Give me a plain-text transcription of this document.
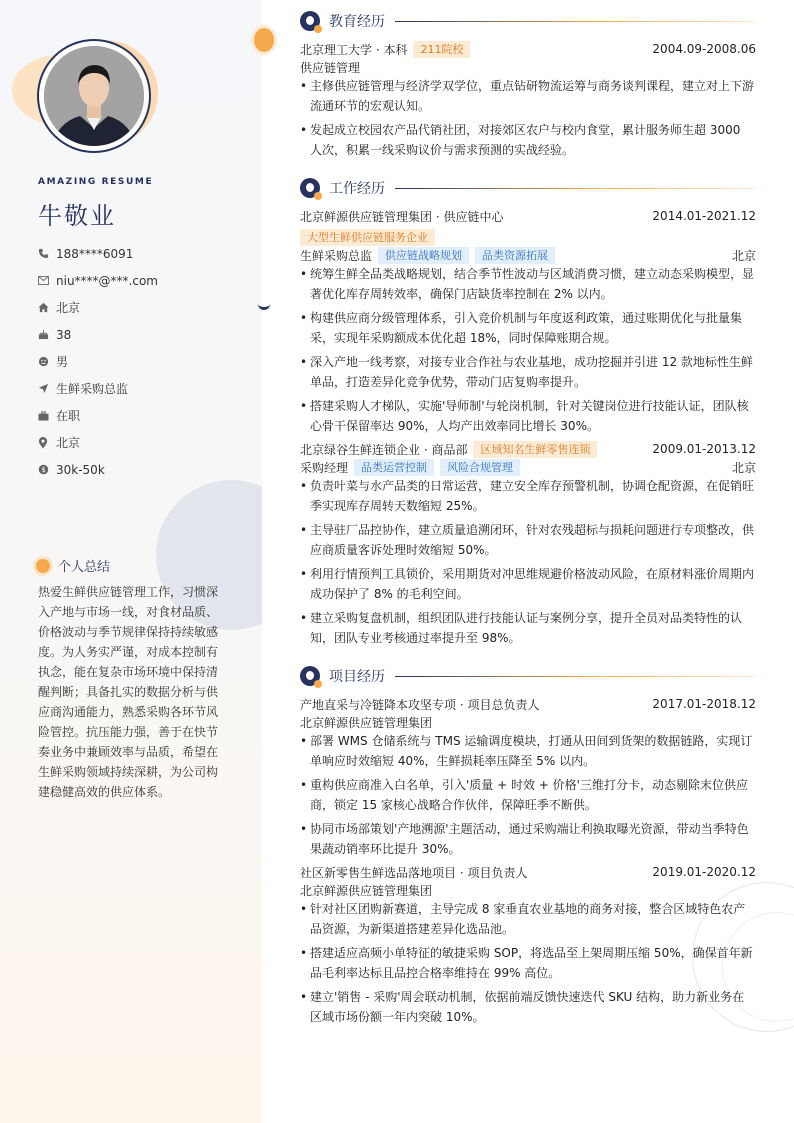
AMAZING RESUME
牛敬业
188****6091
niu****@***.com
北京
38
男
生鲜采购总监
在职
北京
$ 30k-50k
个人总结
热爱生鲜供应链管理工作，习惯深入产地与市场一线，对食材品质、价格波动与季节规律保持持续敏感度。为人务实严谨，对成本控制有执念，能在复杂市场环境中保持清醒判断；具备扎实的数据分析与供应商沟通能力，熟悉采购各环节风险管控。抗压能力强，善于在快节奏业务中兼顾效率与品质，希望在生鲜采购领域持续深耕，为公司构建稳健高效的供应体系。
教育经历
北京理工大学 · 本科	211院校	2004.09-2008.06
供应链管理
• 主修供应链管理与经济学双学位，重点钻研物流运筹与商务谈判课程，建立对上下游流通环节的宏观认知。
• 发起成立校园农产品代销社团，对接郊区农户与校内食堂，累计服务师生超 3000 人次，积累一线采购议价与需求预测的实战经验。
工作经历
北京鲜源供应链管理集团 · 供应链中心	2014.01-2021.12
大型生鲜供应链服务企业
生鲜采购总监	供应链战略规划	品类资源拓展	北京
• 统筹生鲜全品类战略规划，结合季节性波动与区域消费习惯，建立动态采购模型，显著优化库存周转效率，确保门店缺货率控制在 2% 以内。
• 构建供应商分级管理体系，引入竞价机制与年度返利政策，通过账期优化与批量集采，实现年采购额成本优化超 18%，同时保障账期合规。
• 深入产地一线考察，对接专业合作社与农业基地，成功挖掘并引进 12 款地标性生鲜单品，打造差异化竞争优势，带动门店复购率提升。
• 搭建采购人才梯队，实施'导师制'与轮岗机制，针对关键岗位进行技能认证，团队核心骨干保留率达 90%，人均产出效率同比增长 30%。
北京绿谷生鲜连锁企业 · 商品部	区域知名生鲜零售连锁	2009.01-2013.12
采购经理	品类运营控制	风险合规管理	北京
• 负责叶菜与水产品类的日常运营，建立安全库存预警机制，协调仓配资源，在促销旺季实现库存周转天数缩短 25%。
• 主导驻厂品控协作，建立质量追溯闭环，针对农残超标与损耗问题进行专项整改，供应商质量客诉处理时效缩短 50%。
• 利用行情预判工具锁价，采用期货对冲思维规避价格波动风险，在原材料涨价周期内成功保护了 8% 的毛利空间。
• 建立采购复盘机制，组织团队进行技能认证与案例分享，提升全员对品类特性的认知，团队专业考核通过率提升至 98%。
项目经历
产地直采与冷链降本攻坚专项 · 项目总负责人	2017.01-2018.12
北京鲜源供应链管理集团
• 部署 WMS 仓储系统与 TMS 运输调度模块，打通从田间到货架的数据链路，实现订单响应时效缩短 40%，生鲜损耗率压降至 5% 以内。
• 重构供应商准入白名单，引入'质量 + 时效 + 价格'三维打分卡，动态剔除末位供应商，锁定 15 家核心战略合作伙伴，保障旺季不断供。
• 协同市场部策划'产地溯源'主题活动，通过采购端让利换取曝光资源，带动当季特色果蔬动销率环比提升 30%。
社区新零售生鲜选品落地项目 · 项目负责人	2019.01-2020.12
北京鲜源供应链管理集团
• 针对社区团购新赛道，主导完成 8 家垂直农业基地的商务对接，整合区域特色农产品资源，为新渠道搭建差异化选品池。
• 搭建适应高频小单特征的敏捷采购 SOP，将选品至上架周期压缩 50%，确保首年新品毛利率达标且品控合格率维持在 99% 高位。
• 建立'销售 - 采购'周会联动机制，依据前端反馈快速迭代 SKU 结构，助力新业务在区域市场份额一年内突破 10%。
